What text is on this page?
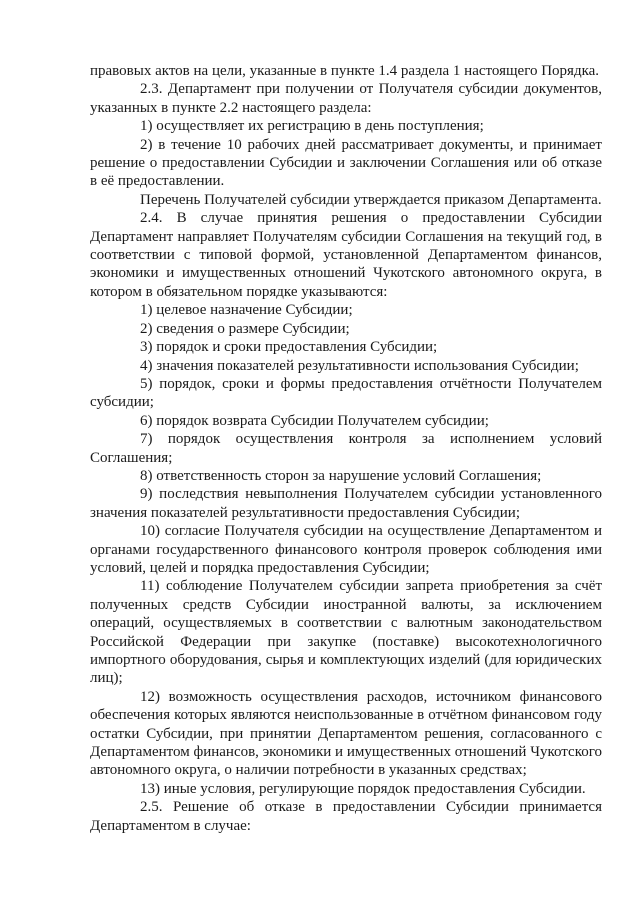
правовых актов на цели, указанные в пункте 1.4 раздела 1 настоящего Порядка.

2.3. Департамент при получении от Получателя субсидии документов, указанных в пункте 2.2 настоящего раздела:

1) осуществляет их регистрацию в день поступления;

2) в течение 10 рабочих дней рассматривает документы, и принимает решение о предоставлении Субсидии и заключении Соглашения или об отказе в её предоставлении.

Перечень Получателей субсидии утверждается приказом Департамента.

2.4. В случае принятия решения о предоставлении Субсидии Департамент направляет Получателям субсидии Соглашения на текущий год, в соответствии с типовой формой, установленной Департаментом финансов, экономики и имущественных отношений Чукотского автономного округа, в котором в обязательном порядке указываются:

1) целевое назначение Субсидии;

2) сведения о размере Субсидии;

3) порядок и сроки предоставления Субсидии;

4) значения показателей результативности использования Субсидии;

5) порядок, сроки и формы предоставления отчётности Получателем субсидии;

6) порядок возврата Субсидии Получателем субсидии;

7) порядок осуществления контроля за исполнением условий Соглашения;

8) ответственность сторон за нарушение условий Соглашения;

9) последствия невыполнения Получателем субсидии установленного значения показателей результативности предоставления Субсидии;

10) согласие Получателя субсидии на осуществление Департаментом и органами государственного финансового контроля проверок соблюдения ими условий, целей и порядка предоставления Субсидии;

11) соблюдение Получателем субсидии запрета приобретения за счёт полученных средств Субсидии иностранной валюты, за исключением операций, осуществляемых в соответствии с валютным законодательством Российской Федерации при закупке (поставке) высокотехнологичного импортного оборудования, сырья и комплектующих изделий (для юридических лиц);

12) возможность осуществления расходов, источником финансового обеспечения которых являются неиспользованные в отчётном финансовом году остатки Субсидии, при принятии Департаментом решения, согласованного с Департаментом финансов, экономики и имущественных отношений Чукотского автономного округа, о наличии потребности в указанных средствах;

13) иные условия, регулирующие порядок предоставления Субсидии.

2.5. Решение об отказе в предоставлении Субсидии принимается Департаментом в случае:
